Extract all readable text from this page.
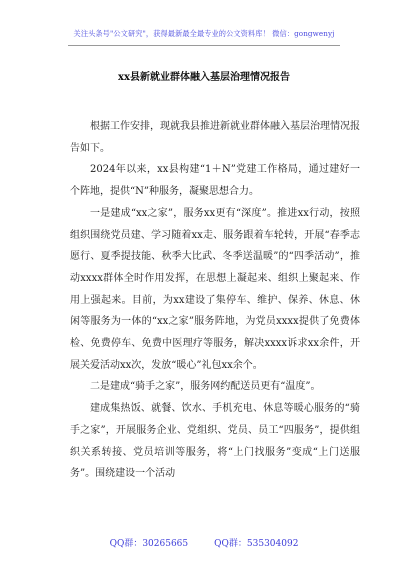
关注头条号"公文研究"，获得最新最全最专业的公文资料库！ 微信：gongwenyj
xx县新就业群体融入基层治理情况报告

根据工作安排，现就我县推进新就业群体融入基层治理情况报告如下。

2024年以来，xx县构建“1＋N”党建工作格局，通过建好一个阵地，提供“N”种服务，凝聚思想合力。

一是建成“xx之家”，服务xx更有“深度”。推进xx行动，按照组织围绕党员建、学习随着xx走、服务跟着车轮转，开展“春季志愿行、夏季提技能、秋季大比武、冬季送温暖”的“四季活动”，推动xxxx群体全时作用发挥，在思想上凝起来、组织上聚起来、作用上强起来。目前，为xx建设了集停车、维护、保养、休息、休闲等服务为一体的“xx之家”服务阵地，为党员xxxx提供了免费体检、免费停车、免费中医理疗等服务，解决xxxx诉求xx余件，开展关爱活动xx次，发放“暖心”礼包xx余个。

二是建成“骑手之家”，服务网约配送员更有“温度”。

建成集热饭、就餐、饮水、手机充电、休息等暖心服务的“骑手之家”，开展服务企业、党组织、党员、员工“四服务”，提供组织关系转接、党员培训等服务，将“上门找服务”变成“上门送服务”。围绕建设一个活动

QQ群：30265665	QQ群：535304092
